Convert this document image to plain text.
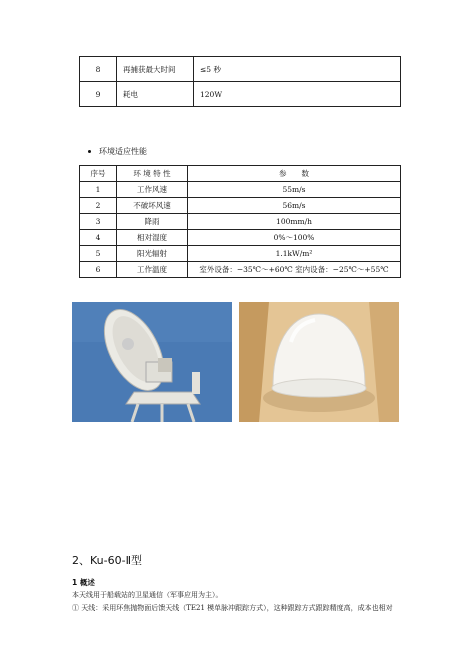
8	再捕获最大时间	≤5 秒
9	耗电	120W
环境适应性能
序号	环 境 特 性	参　　数
1	工作风速	55m/s
2	不破坏风速	56m/s
3	降雨	100mm/h
4	相对湿度	0%～100%
5	阳光辐射	1.1kW/m²
6	工作温度	室外设备：−35℃～+60℃ 室内设备：−25℃～+55℃
2、Ku-60-Ⅱ型
1 概述
本天线用于船载站的卫星通信（军事应用为主）。
① 天线：采用环焦抛物面后馈天线（TE21 模单脉冲跟踪方式），这种跟踪方式跟踪精度高，成本也相对
